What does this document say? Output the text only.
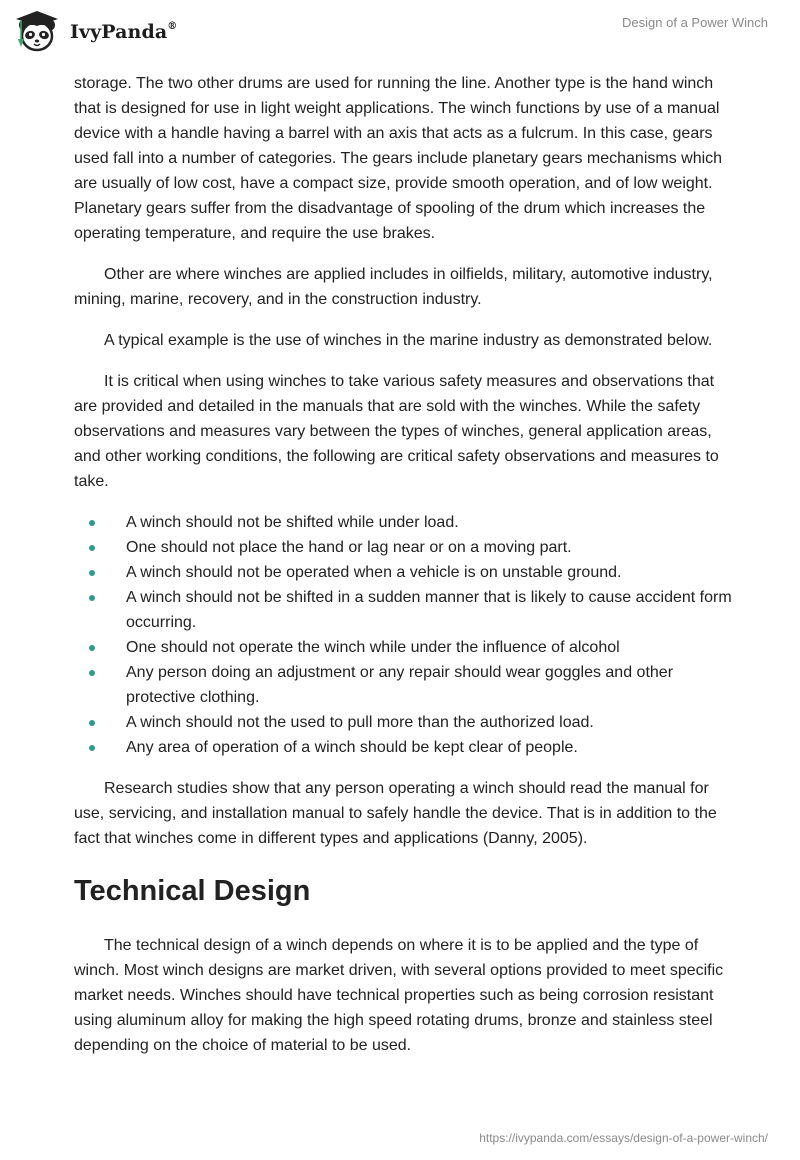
IvyPanda®	Design of a Power Winch

storage. The two other drums are used for running the line. Another type is the hand winch that is designed for use in light weight applications. The winch functions by use of a manual device with a handle having a barrel with an axis that acts as a fulcrum. In this case, gears used fall into a number of categories. The gears include planetary gears mechanisms which are usually of low cost, have a compact size, provide smooth operation, and of low weight. Planetary gears suffer from the disadvantage of spooling of the drum which increases the operating temperature, and require the use brakes.

Other are where winches are applied includes in oilfields, military, automotive industry, mining, marine, recovery, and in the construction industry.

A typical example is the use of winches in the marine industry as demonstrated below.

It is critical when using winches to take various safety measures and observations that are provided and detailed in the manuals that are sold with the winches. While the safety observations and measures vary between the types of winches, general application areas, and other working conditions, the following are critical safety observations and measures to take.

A winch should not be shifted while under load.
One should not place the hand or lag near or on a moving part.
A winch should not be operated when a vehicle is on unstable ground.
A winch should not be shifted in a sudden manner that is likely to cause accident form occurring.
One should not operate the winch while under the influence of alcohol
Any person doing an adjustment or any repair should wear goggles and other protective clothing.
A winch should not the used to pull more than the authorized load.
Any area of operation of a winch should be kept clear of people.

Research studies show that any person operating a winch should read the manual for use, servicing, and installation manual to safely handle the device. That is in addition to the fact that winches come in different types and applications (Danny, 2005).

Technical Design

The technical design of a winch depends on where it is to be applied and the type of winch. Most winch designs are market driven, with several options provided to meet specific market needs. Winches should have technical properties such as being corrosion resistant using aluminum alloy for making the high speed rotating drums, bronze and stainless steel depending on the choice of material to be used.

https://ivypanda.com/essays/design-of-a-power-winch/
